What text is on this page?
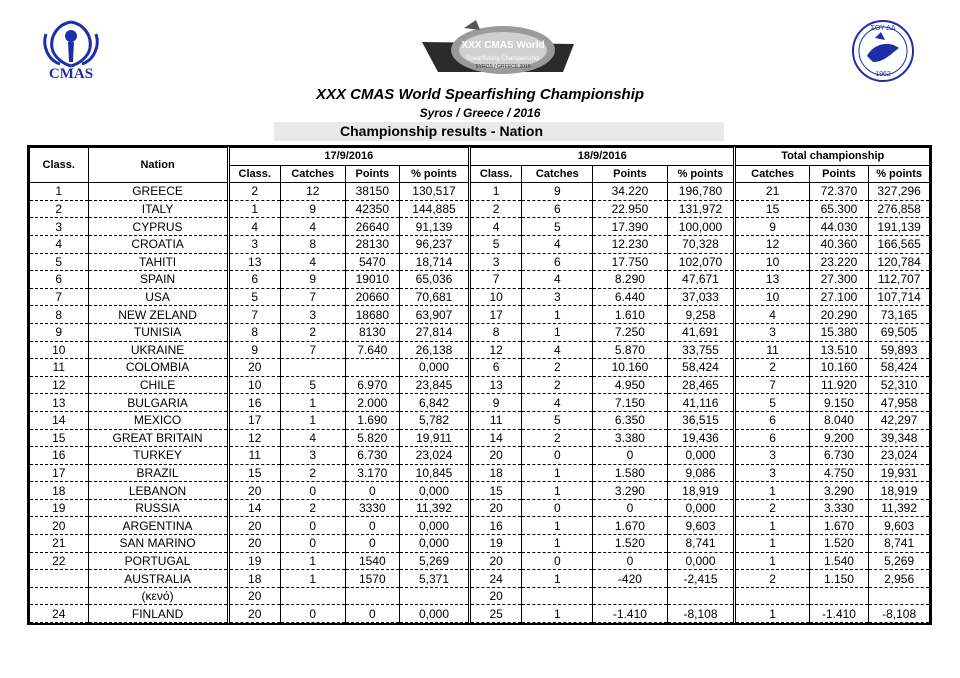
CMAS
XXX CMAS World
Spearfishing Championship
SYROS / GREECE 2016
ΣΟΥ ΔΔ
1962
XXX CMAS World Spearfishing Championship
Syros / Greece / 2016
Championship results - Nation
Class.	Nation	17/9/2016				18/9/2016				Total championship		
		Class.	Catches	Points	% points	Class.	Catches	Points	% points	Catches	Points	% points
1	GREECE	2	12	38150	130,517	1	9	34.220	196,780	21	72.370	327,296
2	ITALY	1	9	42350	144,885	2	6	22.950	131,972	15	65.300	276,858
3	CYPRUS	4	4	26640	91,139	4	5	17.390	100,000	9	44.030	191,139
4	CROATIA	3	8	28130	96,237	5	4	12.230	70,328	12	40.360	166,565
5	TAHITI	13	4	5470	18,714	3	6	17.750	102,070	10	23.220	120,784
6	SPAIN	6	9	19010	65,036	7	4	8.290	47,671	13	27.300	112,707
7	USA	5	7	20660	70,681	10	3	6.440	37,033	10	27.100	107,714
8	NEW ZELAND	7	3	18680	63,907	17	1	1.610	9,258	4	20.290	73,165
9	TUNISIA	8	2	8130	27,814	8	1	7.250	41,691	3	15.380	69,505
10	UKRAINE	9	7	7.640	26,138	12	4	5.870	33,755	11	13.510	59,893
11	COLOMBIA	20			0,000	6	2	10.160	58,424	2	10.160	58,424
12	CHILE	10	5	6.970	23,845	13	2	4.950	28,465	7	11.920	52,310
13	BULGARIA	16	1	2.000	6,842	9	4	7.150	41,116	5	9.150	47,958
14	MEXICO	17	1	1.690	5,782	11	5	6.350	36,515	6	8.040	42,297
15	GREAT BRITAIN	12	4	5.820	19,911	14	2	3.380	19,436	6	9.200	39,348
16	TURKEY	11	3	6.730	23,024	20	0	0	0,000	3	6.730	23,024
17	BRAZIL	15	2	3.170	10,845	18	1	1.580	9,086	3	4.750	19,931
18	LEBANON	20	0	0	0,000	15	1	3.290	18,919	1	3.290	18,919
19	RUSSIA	14	2	3330	11,392	20	0	0	0,000	2	3.330	11,392
20	ARGENTINA	20	0	0	0,000	16	1	1.670	9,603	1	1.670	9,603
21	SAN MARINO	20	0	0	0,000	19	1	1.520	8,741	1	1.520	8,741
22	PORTUGAL	19	1	1540	5,269	20	0	0	0,000	1	1.540	5,269
	AUSTRALIA	18	1	1570	5,371	24	1	-420	-2,415	2	1.150	2,956
	(κενό)	20				20						
24	FINLAND	20	0	0	0,000	25	1	-1.410	-8,108	1	-1.410	-8,108
